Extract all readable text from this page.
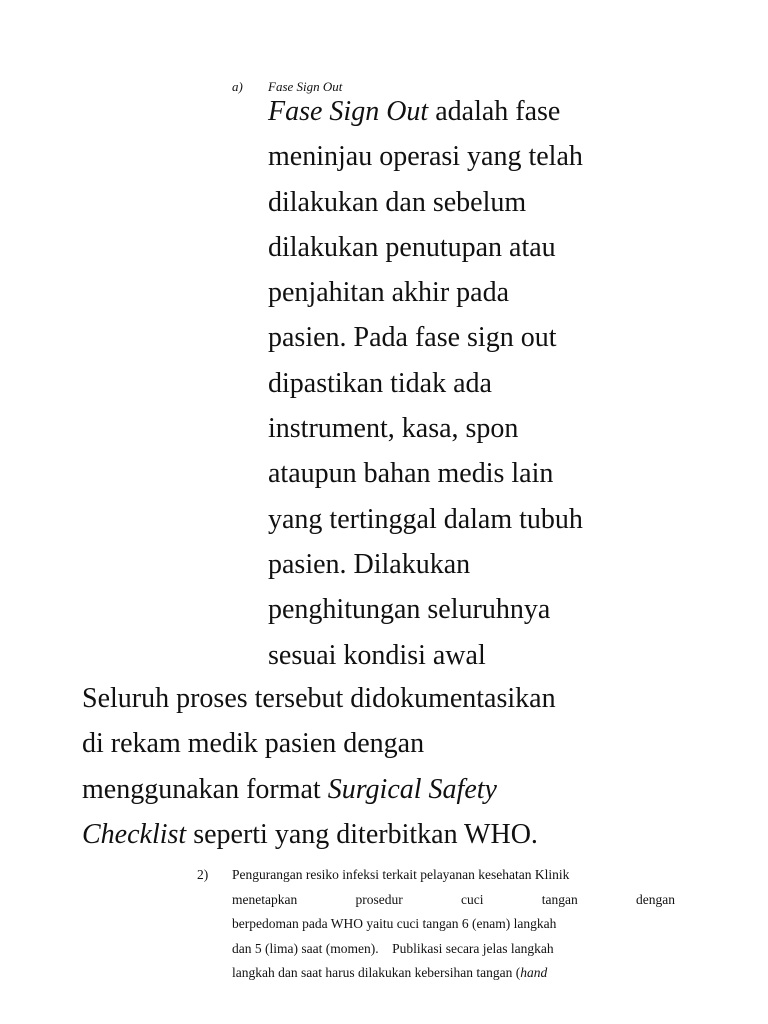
a) Fase Sign Out

Fase Sign Out adalah fase
meninjau operasi yang telah
dilakukan dan sebelum
dilakukan penutupan atau
penjahitan akhir pada
pasien. Pada fase sign out
dipastikan tidak ada
instrument, kasa, spon
ataupun bahan medis lain
yang tertinggal dalam tubuh
pasien. Dilakukan
penghitungan seluruhnya
sesuai kondisi awal

Seluruh proses tersebut didokumentasikan
di rekam medik pasien dengan
menggunakan format Surgical Safety
Checklist seperti yang diterbitkan WHO.

2) Pengurangan resiko infeksi terkait pelayanan kesehatan Klinik
menetapkan	prosedur	cuci	tangan	dengan
berpedoman pada WHO yaitu cuci tangan 6 (enam) langkah
dan 5 (lima) saat (momen).    Publikasi secara jelas langkah
langkah dan saat harus dilakukan kebersihan tangan (hand
